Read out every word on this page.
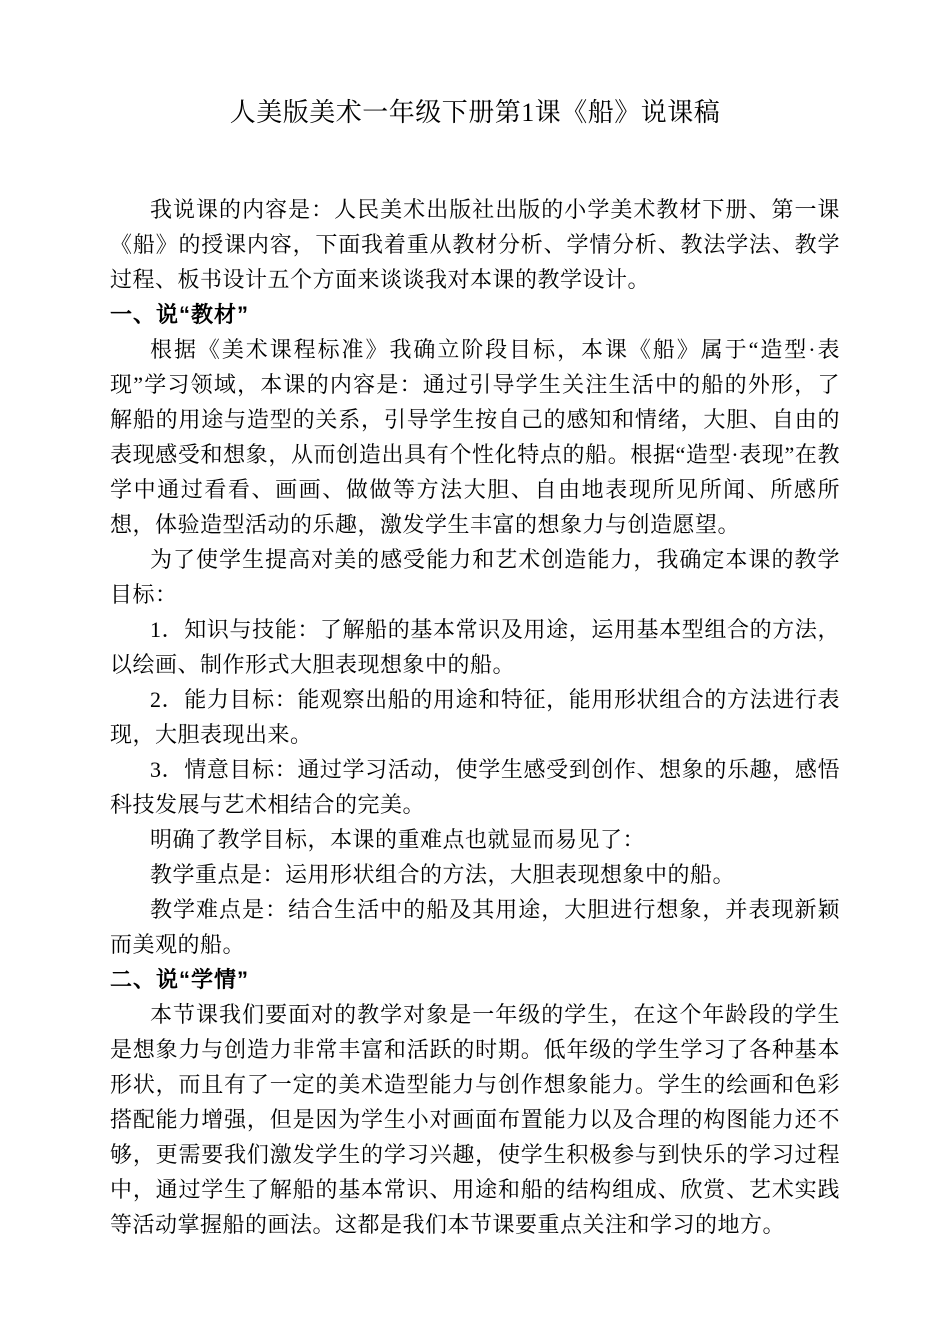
人美版美术一年级下册第1课《船》说课稿

我说课的内容是：人民美术出版社出版的小学美术教材下册、第一课《船》的授课内容，下面我着重从教材分析、学情分析、教法学法、教学过程、板书设计五个方面来谈谈我对本课的教学设计。

一、说“教材”

根据《美术课程标准》我确立阶段目标，本课《船》属于“造型·表现”学习领域，本课的内容是：通过引导学生关注生活中的船的外形，了解船的用途与造型的关系，引导学生按自己的感知和情绪，大胆、自由的表现感受和想象，从而创造出具有个性化特点的船。根据“造型·表现”在教学中通过看看、画画、做做等方法大胆、自由地表现所见所闻、所感所想，体验造型活动的乐趣，激发学生丰富的想象力与创造愿望。

为了使学生提高对美的感受能力和艺术创造能力，我确定本课的教学目标：

1．知识与技能：了解船的基本常识及用途，运用基本型组合的方法，以绘画、制作形式大胆表现想象中的船。

2．能力目标：能观察出船的用途和特征，能用形状组合的方法进行表现，大胆表现出来。

3．情意目标：通过学习活动，使学生感受到创作、想象的乐趣，感悟科技发展与艺术相结合的完美。

明确了教学目标，本课的重难点也就显而易见了：

教学重点是：运用形状组合的方法，大胆表现想象中的船。

教学难点是：结合生活中的船及其用途，大胆进行想象，并表现新颖而美观的船。

二、说“学情”

本节课我们要面对的教学对象是一年级的学生，在这个年龄段的学生是想象力与创造力非常丰富和活跃的时期。低年级的学生学习了各种基本形状，而且有了一定的美术造型能力与创作想象能力。学生的绘画和色彩搭配能力增强，但是因为学生小对画面布置能力以及合理的构图能力还不够，更需要我们激发学生的学习兴趣，使学生积极参与到快乐的学习过程中，通过学生了解船的基本常识、用途和船的结构组成、欣赏、艺术实践等活动掌握船的画法。这都是我们本节课要重点关注和学习的地方。
